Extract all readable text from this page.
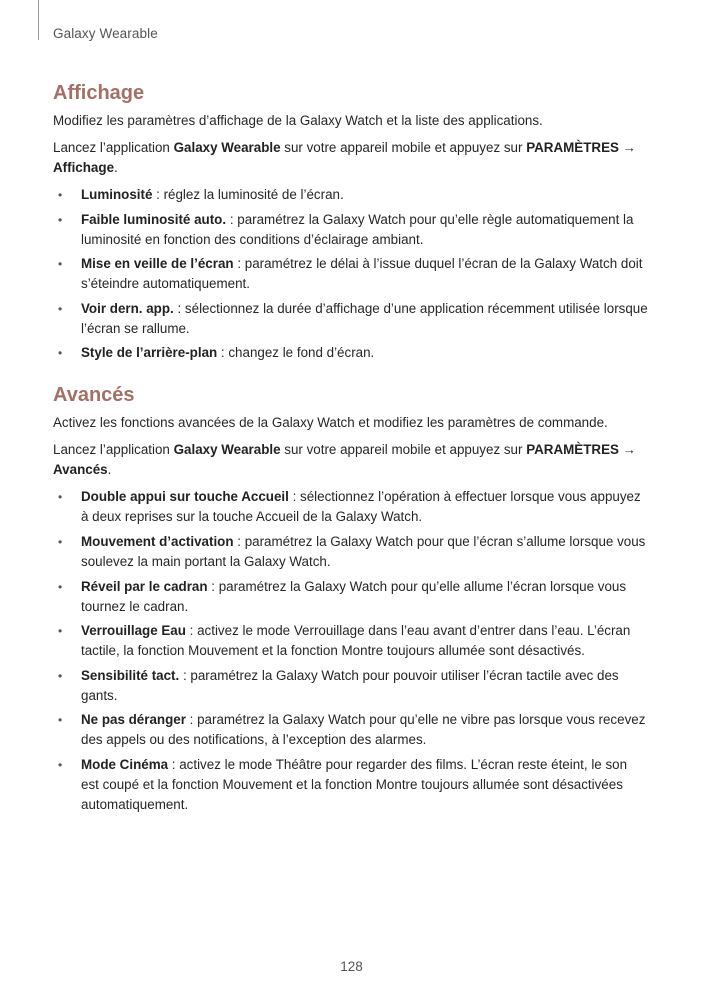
Galaxy Wearable
Affichage

Modifiez les paramètres d’affichage de la Galaxy Watch et la liste des applications.

Lancez l’application Galaxy Wearable sur votre appareil mobile et appuyez sur PARAMÈTRES → Affichage.

• Luminosité : réglez la luminosité de l’écran.
• Faible luminosité auto. : paramétrez la Galaxy Watch pour qu’elle règle automatiquement la luminosité en fonction des conditions d’éclairage ambiant.
• Mise en veille de l’écran : paramétrez le délai à l’issue duquel l’écran de la Galaxy Watch doit s’éteindre automatiquement.
• Voir dern. app. : sélectionnez la durée d’affichage d’une application récemment utilisée lorsque l’écran se rallume.
• Style de l’arrière-plan : changez le fond d’écran.
Avancés

Activez les fonctions avancées de la Galaxy Watch et modifiez les paramètres de commande.

Lancez l’application Galaxy Wearable sur votre appareil mobile et appuyez sur PARAMÈTRES → Avancés.

• Double appui sur touche Accueil : sélectionnez l’opération à effectuer lorsque vous appuyez à deux reprises sur la touche Accueil de la Galaxy Watch.
• Mouvement d’activation : paramétrez la Galaxy Watch pour que l’écran s’allume lorsque vous soulevez la main portant la Galaxy Watch.
• Réveil par le cadran : paramétrez la Galaxy Watch pour qu’elle allume l’écran lorsque vous tournez le cadran.
• Verrouillage Eau : activez le mode Verrouillage dans l’eau avant d’entrer dans l’eau. L’écran tactile, la fonction Mouvement et la fonction Montre toujours allumée sont désactivés.
• Sensibilité tact. : paramétrez la Galaxy Watch pour pouvoir utiliser l’écran tactile avec des gants.
• Ne pas déranger : paramétrez la Galaxy Watch pour qu’elle ne vibre pas lorsque vous recevez des appels ou des notifications, à l’exception des alarmes.
• Mode Cinéma : activez le mode Théâtre pour regarder des films. L’écran reste éteint, le son est coupé et la fonction Mouvement et la fonction Montre toujours allumée sont désactivées automatiquement.
128
